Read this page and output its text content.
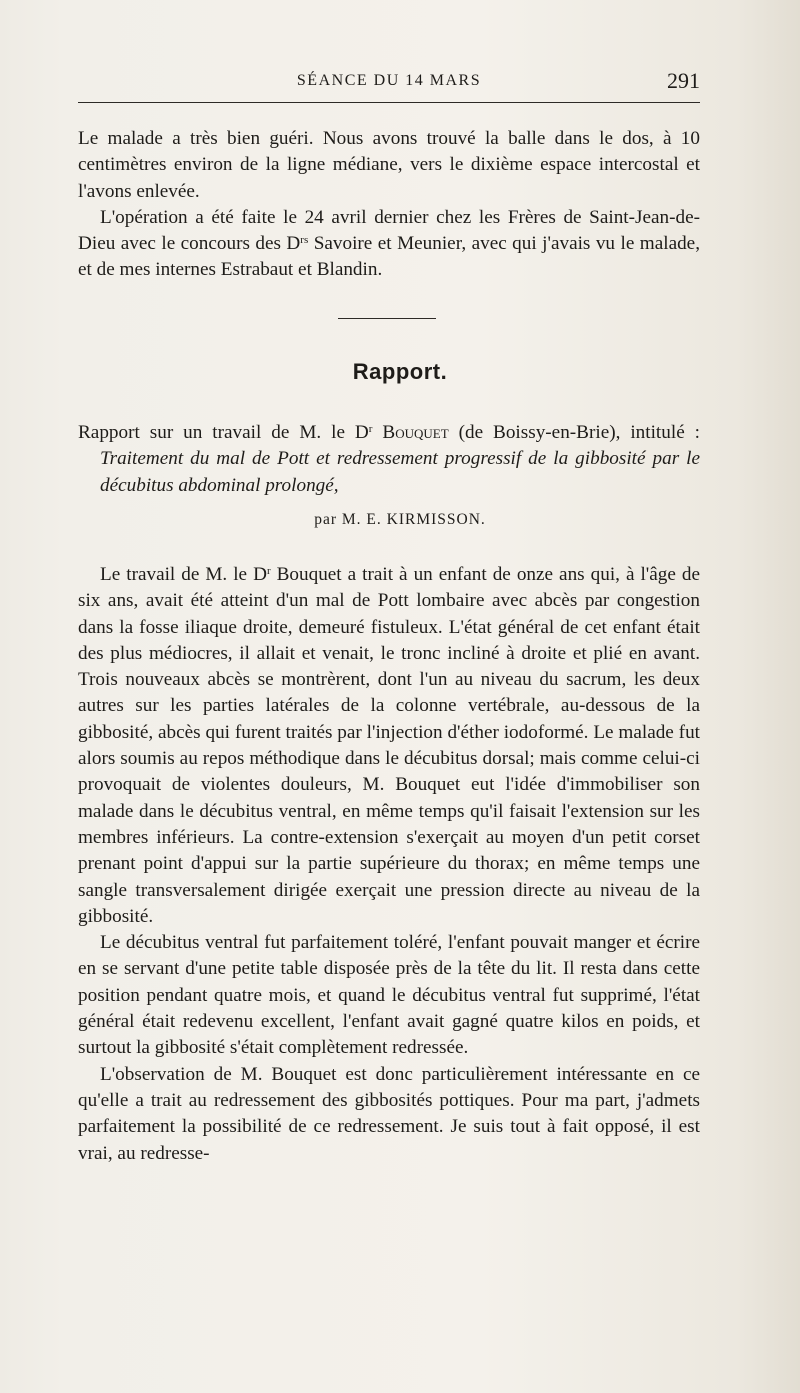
SÉANCE DU 14 MARS	291

Le malade a très bien guéri. Nous avons trouvé la balle dans le dos, à 10 centimètres environ de la ligne médiane, vers le dixième espace intercostal et l'avons enlevée.

L'opération a été faite le 24 avril dernier chez les Frères de Saint-Jean-de-Dieu avec le concours des $D^{rs}$ Savoire et Meunier, avec qui j'avais vu le malade, et de mes internes Estrabaut et Blandin.

Rapport.

Rapport sur un travail de M. le $D^r$ Bouquet (de Boissy-en-Brie), intitulé : Traitement du mal de Pott et redressement progressif de la gibbosité par le décubitus abdominal prolongé,

par M. E. KIRMISSON.

Le travail de M. le $D^r$ Bouquet a trait à un enfant de onze ans qui, à l'âge de six ans, avait été atteint d'un mal de Pott lombaire avec abcès par congestion dans la fosse iliaque droite, demeuré fistuleux. L'état général de cet enfant était des plus médiocres, il allait et venait, le tronc incliné à droite et plié en avant. Trois nouveaux abcès se montrèrent, dont l'un au niveau du sacrum, les deux autres sur les parties latérales de la colonne vertébrale, au-dessous de la gibbosité, abcès qui furent traités par l'injection d'éther iodoformé. Le malade fut alors soumis au repos méthodique dans le décubitus dorsal; mais comme celui-ci provoquait de violentes douleurs, M. Bouquet eut l'idée d'immobiliser son malade dans le décubitus ventral, en même temps qu'il faisait l'extension sur les membres inférieurs. La contre-extension s'exerçait au moyen d'un petit corset prenant point d'appui sur la partie supérieure du thorax; en même temps une sangle transversalement dirigée exerçait une pression directe au niveau de la gibbosité.

Le décubitus ventral fut parfaitement toléré, l'enfant pouvait manger et écrire en se servant d'une petite table disposée près de la tête du lit. Il resta dans cette position pendant quatre mois, et quand le décubitus ventral fut supprimé, l'état général était redevenu excellent, l'enfant avait gagné quatre kilos en poids, et surtout la gibbosité s'était complètement redressée.

L'observation de M. Bouquet est donc particulièrement intéressante en ce qu'elle a trait au redressement des gibbosités pottiques. Pour ma part, j'admets parfaitement la possibilité de ce redressement. Je suis tout à fait opposé, il est vrai, au redresse-
